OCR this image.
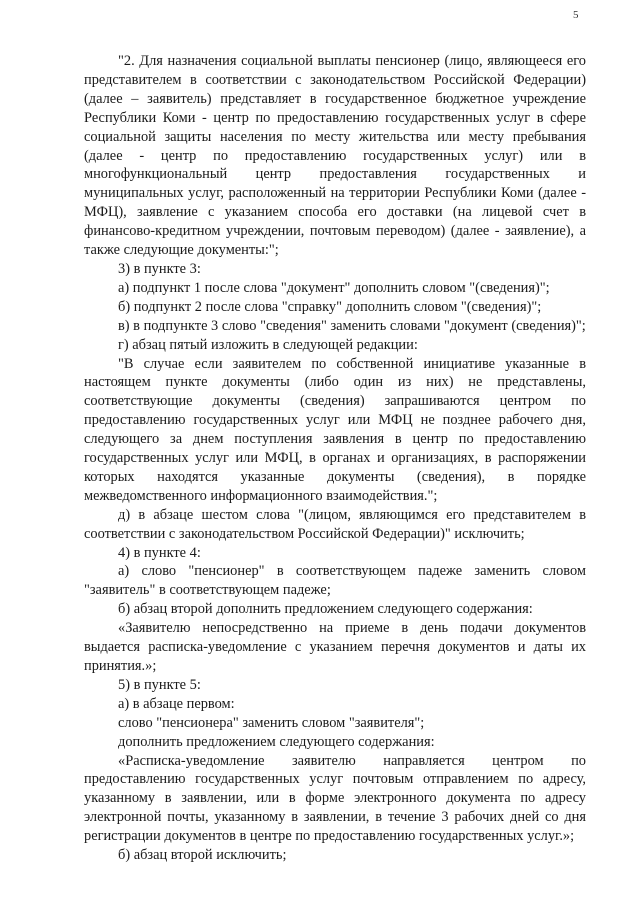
5

"2. Для назначения социальной выплаты пенсионер (лицо, являющееся его представителем в соответствии с законодательством Российской Федерации) (далее – заявитель) представляет в государственное бюджетное учреждение Республики Коми - центр по предоставлению государственных услуг в сфере социальной защиты населения по месту жительства или месту пребывания (далее - центр по предоставлению государственных услуг) или в многофункциональный центр предоставления государственных и муниципальных услуг, расположенный на территории Республики Коми (далее - МФЦ), заявление с указанием способа его доставки (на лицевой счет в финансово-кредитном учреждении, почтовым переводом) (далее - заявление), а также следующие документы:";

3) в пункте 3:

а) подпункт 1 после слова "документ" дополнить словом "(сведения)";

б) подпункт 2 после слова "справку" дополнить словом "(сведения)";

в) в подпункте 3 слово "сведения" заменить словами "документ (сведения)";

г) абзац пятый изложить в следующей редакции:

"В случае если заявителем по собственной инициативе указанные в настоящем пункте документы (либо один из них) не представлены, соответствующие документы (сведения) запрашиваются центром по предоставлению государственных услуг или МФЦ не позднее рабочего дня, следующего за днем поступления заявления в центр по предоставлению государственных услуг или МФЦ, в органах и организациях, в распоряжении которых находятся указанные документы (сведения), в порядке межведомственного информационного взаимодействия.";

д) в абзаце шестом слова "(лицом, являющимся его представителем в соответствии с законодательством Российской Федерации)" исключить;

4) в пункте 4:

а) слово "пенсионер" в соответствующем падеже заменить словом "заявитель" в соответствующем падеже;

б) абзац второй дополнить предложением следующего содержания:

«Заявителю непосредственно на приеме в день подачи документов выдается расписка-уведомление с указанием перечня документов и даты их принятия.»;

5) в пункте 5:

а) в абзаце первом:

слово "пенсионера" заменить словом "заявителя";

дополнить предложением следующего содержания:

«Расписка-уведомление заявителю направляется центром по предоставлению государственных услуг почтовым отправлением по адресу, указанному в заявлении, или в форме электронного документа по адресу электронной почты, указанному в заявлении, в течение 3 рабочих дней со дня регистрации документов в центре по предоставлению государственных услуг.»;

б) абзац второй исключить;
